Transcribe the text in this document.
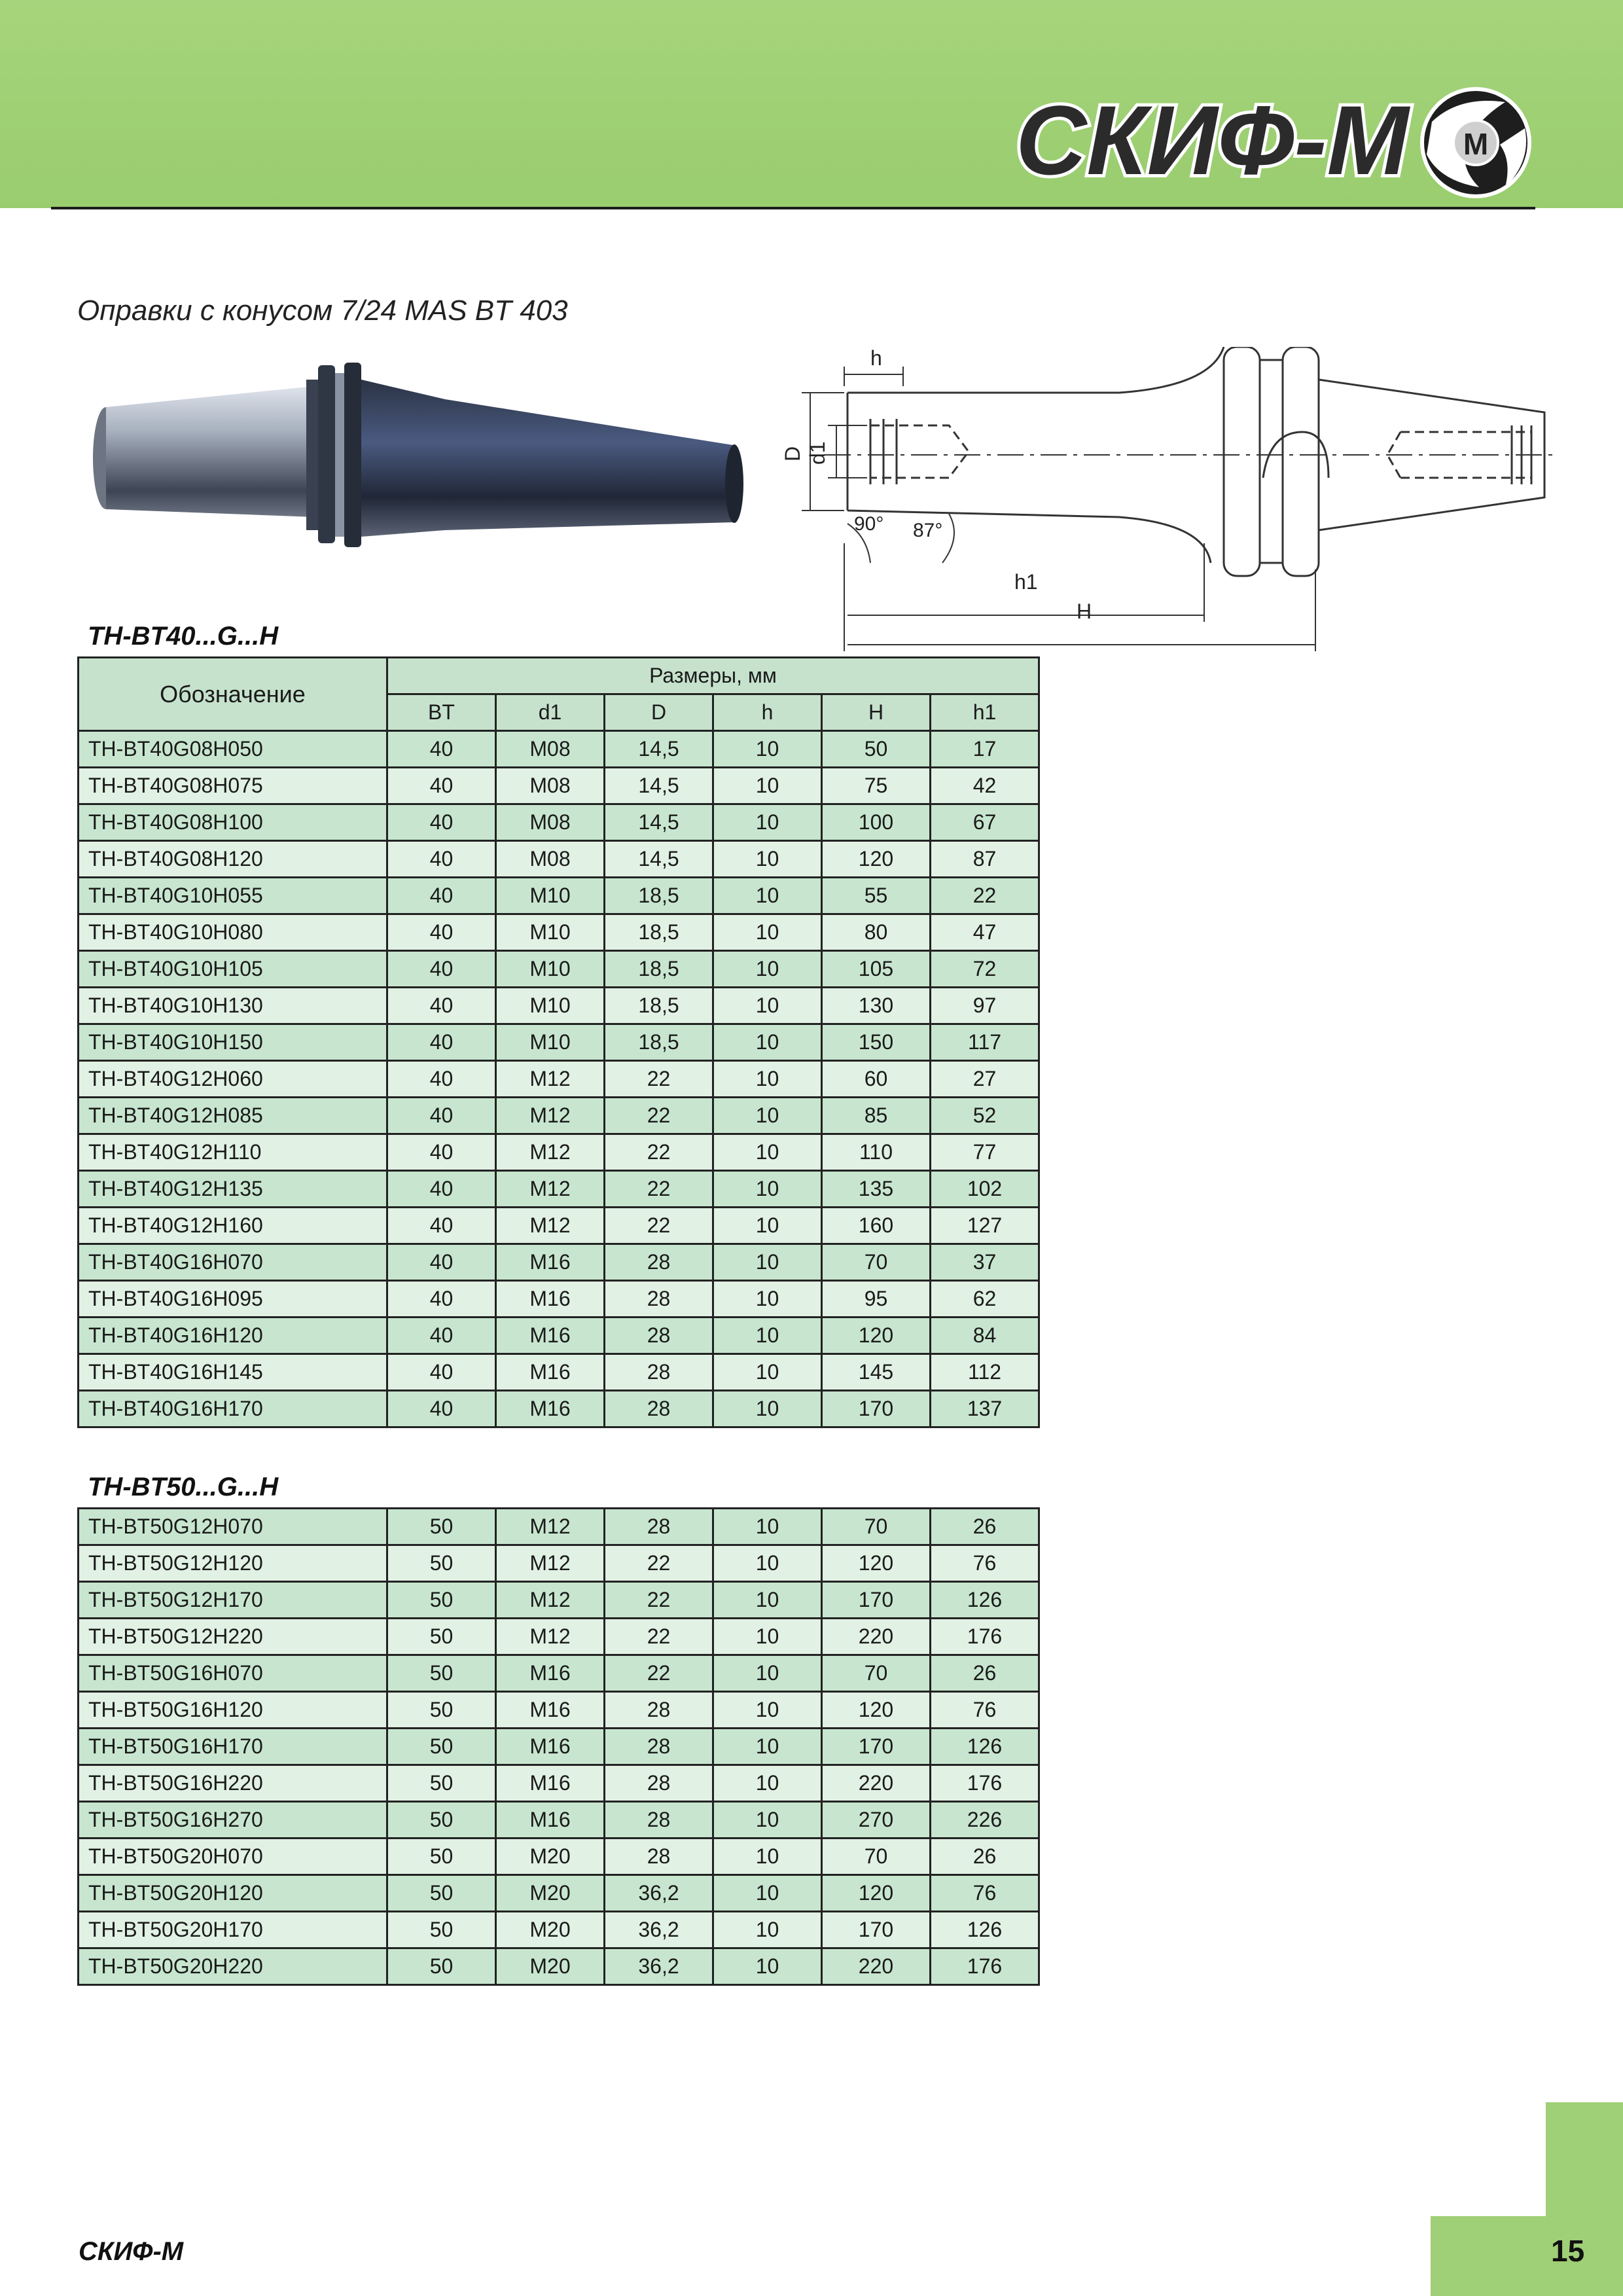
СКИФ-М М
Оправки с конусом 7/24 MAS BT 403
h
D d1
90° 87°
h1
H
TH-BT40...G...H
Обозначение	Размеры, мм					
	BT	d1	D	h	H	h1
TH-BT40G08H050	40	M08	14,5	10	50	17
TH-BT40G08H075	40	M08	14,5	10	75	42
TH-BT40G08H100	40	M08	14,5	10	100	67
TH-BT40G08H120	40	M08	14,5	10	120	87
TH-BT40G10H055	40	M10	18,5	10	55	22
TH-BT40G10H080	40	M10	18,5	10	80	47
TH-BT40G10H105	40	M10	18,5	10	105	72
TH-BT40G10H130	40	M10	18,5	10	130	97
TH-BT40G10H150	40	M10	18,5	10	150	117
TH-BT40G12H060	40	M12	22	10	60	27
TH-BT40G12H085	40	M12	22	10	85	52
TH-BT40G12H110	40	M12	22	10	110	77
TH-BT40G12H135	40	M12	22	10	135	102
TH-BT40G12H160	40	M12	22	10	160	127
TH-BT40G16H070	40	M16	28	10	70	37
TH-BT40G16H095	40	M16	28	10	95	62
TH-BT40G16H120	40	M16	28	10	120	84
TH-BT40G16H145	40	M16	28	10	145	112
TH-BT40G16H170	40	M16	28	10	170	137
TH-BT50...G...H
TH-BT50G12H070	50	M12	28	10	70	26
TH-BT50G12H120	50	M12	22	10	120	76
TH-BT50G12H170	50	M12	22	10	170	126
TH-BT50G12H220	50	M12	22	10	220	176
TH-BT50G16H070	50	M16	22	10	70	26
TH-BT50G16H120	50	M16	28	10	120	76
TH-BT50G16H170	50	M16	28	10	170	126
TH-BT50G16H220	50	M16	28	10	220	176
TH-BT50G16H270	50	M16	28	10	270	226
TH-BT50G20H070	50	M20	28	10	70	26
TH-BT50G20H120	50	M20	36,2	10	120	76
TH-BT50G20H170	50	M20	36,2	10	170	126
TH-BT50G20H220	50	M20	36,2	10	220	176
СКИФ-М	15
